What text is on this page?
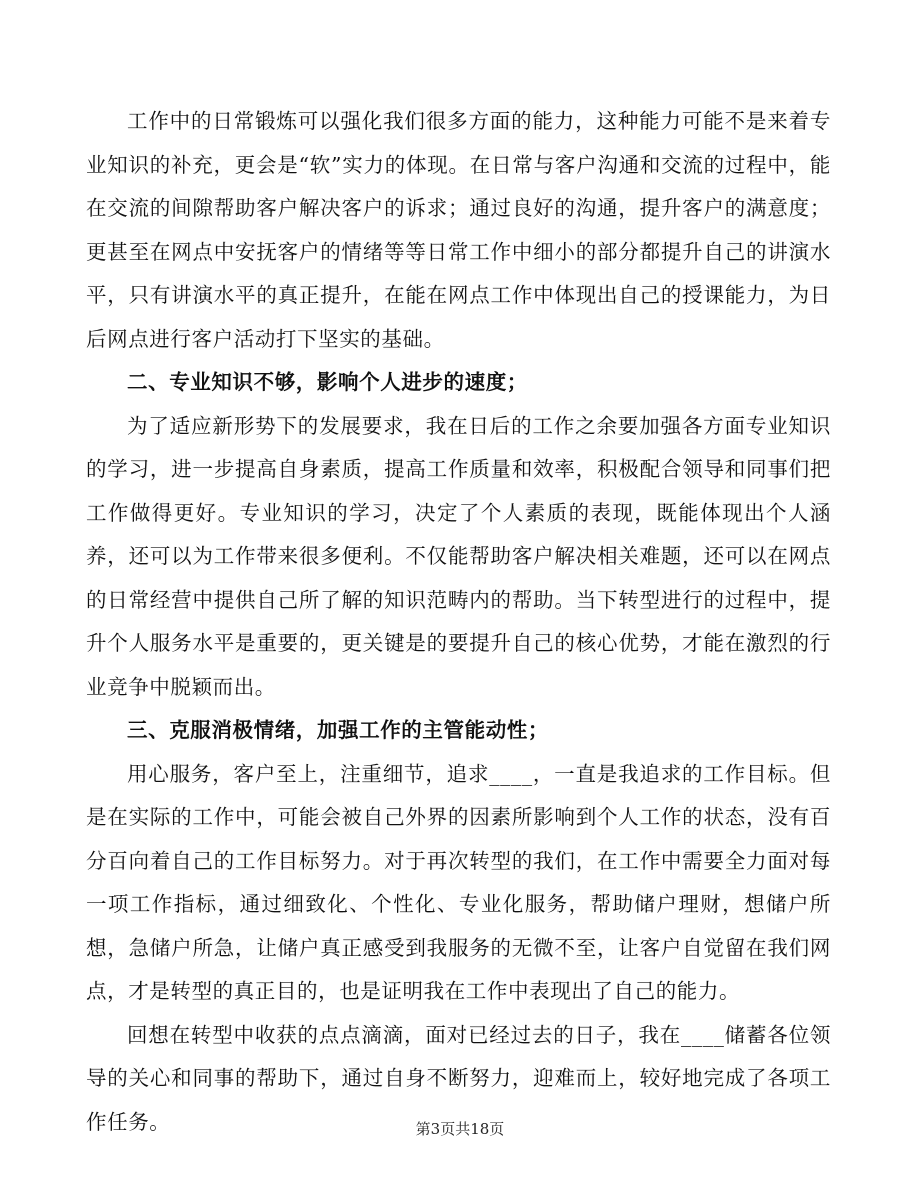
工作中的日常锻炼可以强化我们很多方面的能力，这种能力可能不是来着专业知识的补充，更会是“软”实力的体现。在日常与客户沟通和交流的过程中，能在交流的间隙帮助客户解决客户的诉求；通过良好的沟通，提升客户的满意度；更甚至在网点中安抚客户的情绪等等日常工作中细小的部分都提升自己的讲演水平，只有讲演水平的真正提升，在能在网点工作中体现出自己的授课能力，为日后网点进行客户活动打下坚实的基础。

二、专业知识不够，影响个人进步的速度；

为了适应新形势下的发展要求，我在日后的工作之余要加强各方面专业知识的学习，进一步提高自身素质，提高工作质量和效率，积极配合领导和同事们把工作做得更好。专业知识的学习，决定了个人素质的表现，既能体现出个人涵养，还可以为工作带来很多便利。不仅能帮助客户解决相关难题，还可以在网点的日常经营中提供自己所了解的知识范畴内的帮助。当下转型进行的过程中，提升个人服务水平是重要的，更关键是的要提升自己的核心优势，才能在激烈的行业竞争中脱颖而出。

三、克服消极情绪，加强工作的主管能动性；

用心服务，客户至上，注重细节，追求____，一直是我追求的工作目标。但是在实际的工作中，可能会被自己外界的因素所影响到个人工作的状态，没有百分百向着自己的工作目标努力。对于再次转型的我们，在工作中需要全力面对每一项工作指标，通过细致化、个性化、专业化服务，帮助储户理财，想储户所想，急储户所急，让储户真正感受到我服务的无微不至，让客户自觉留在我们网点，才是转型的真正目的，也是证明我在工作中表现出了自己的能力。

回想在转型中收获的点点滴滴，面对已经过去的日子，我在____储蓄各位领导的关心和同事的帮助下，通过自身不断努力，迎难而上，较好地完成了各项工作任务。	第3页共18页
